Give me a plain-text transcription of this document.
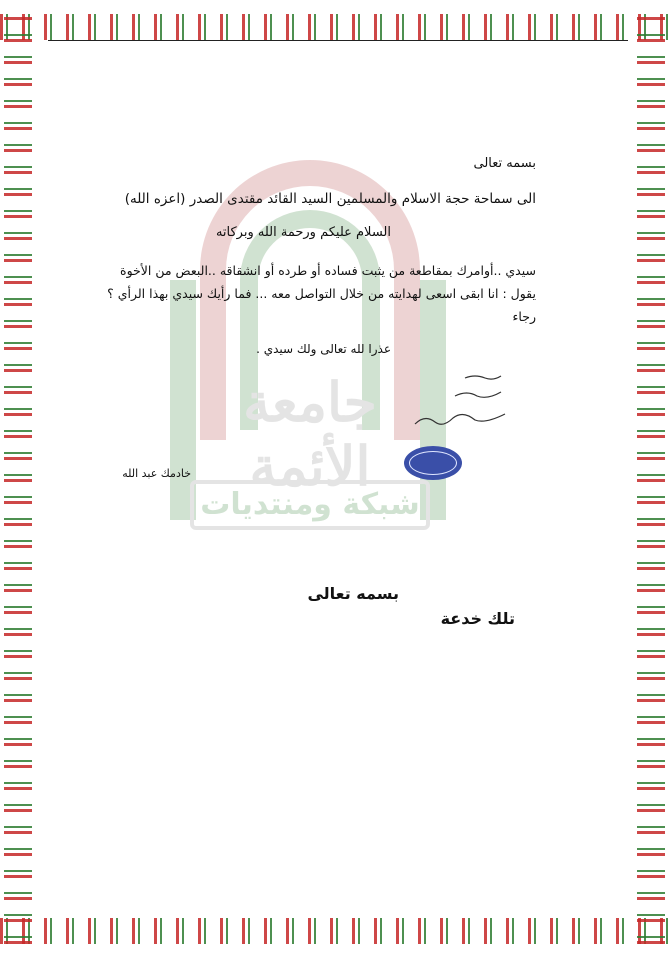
جامعة الأئمة
شبكة ومنتديات
بسمه تعالى
الى سماحة حجة الاسلام والمسلمين السيد القائد مقتدى الصدر (اعزه الله)
السلام عليكم ورحمة الله وبركاته
سيدي ..أوامرك بمقاطعة من يثبت فساده أو طرده أو انشقاقه ..البعض من الأخوة يقول : انا ابقى اسعى لهدايته من خلال التواصل معه ... فما رأيك سيدي بهذا الرأي ؟ رجاء
عذرا لله تعالى ولك سيدي .
خادمك عبد الله
بسمه تعالى
تلك خدعة
